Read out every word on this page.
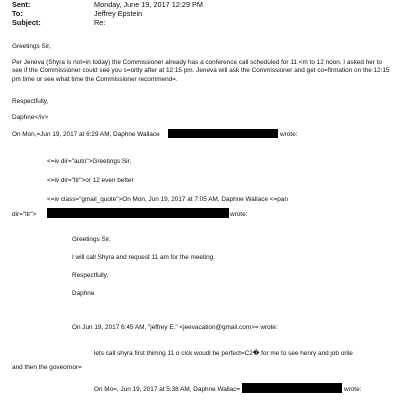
Sent:	Monday, June 19, 2017 12:29 PM
To:	Jeffrey Epstein
Subject:	Re:
Greetings Sir,
Per Jeneva (Shyra is not=in today) the Commissioner already has a conference call scheduled for 11 <m to 12 noon. I asked her to see if the Commissioner could see you s=ortly after at 12:15 pm. Jeneva will ask the Commissioner and get co=firmation on the 12:15 pm time or see what time the Commissioner recommend=.
Respectfully,
Daphne</iv>
On Mon,=Jun 19, 2017 at 6:29 AM, Daphne Wallace	wrote:
<=iv dir="auto">Greetings Sir,
<=iv dir="ltr">or 12 even better
<=iv class="gmail_quote">On Mon, Jun 19, 2017 at 7:05 AM, Daphne Wallace <=pan
dir="ltr">	wrote:
Greetings Sir,
I will call Shyra and request 11 am for the meeting.
Respectfully,
Daphne
On Jun 19, 2017 6:45 AM, "jeffrey E." <jeevacation@gmail.com>= wrote:
lets call shyra first thimng 11 o clck woudl be perfect=C2� for me to see henry and job orile
and then the goveornor=
On Mo=, Jun 19, 2017 at 5:38 AM, Daphne Wallac=	wrote:
